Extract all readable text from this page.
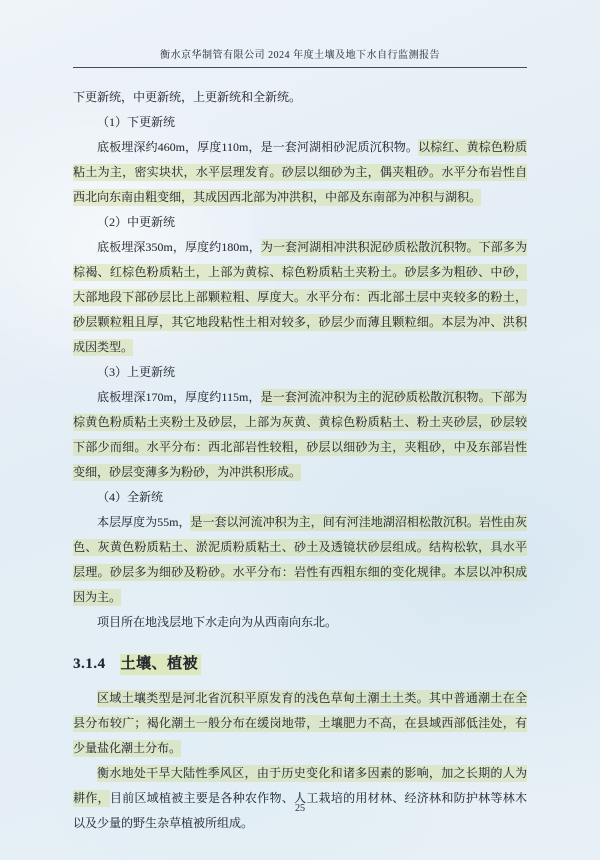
衡水京华制管有限公司 2024 年度土壤及地下水自行监测报告

下更新统，中更新统，上更新统和全新统。

（1）下更新统

底板埋深约460m，厚度110m，是一套河湖相砂泥质沉积物。以棕红、黄棕色粉质粘土为主，密实块状，水平层理发育。砂层以细砂为主，偶夹粗砂。水平分布岩性自西北向东南由粗变细，其成因西北部为冲洪积，中部及东南部为冲积与湖积。

（2）中更新统

底板埋深350m，厚度约180m，为一套河湖相冲洪积泥砂质松散沉积物。下部多为棕褐、红棕色粉质粘土，上部为黄棕、棕色粉质粘土夹粉土。砂层多为粗砂、中砂，大部地段下部砂层比上部颗粒粗、厚度大。水平分布：西北部土层中夹较多的粉土，砂层颗粒粗且厚，其它地段粘性土相对较多，砂层少而薄且颗粒细。本层为冲、洪积成因类型。

（3）上更新统

底板埋深170m，厚度约115m，是一套河流冲积为主的泥砂质松散沉积物。下部为棕黄色粉质粘土夹粉土及砂层，上部为灰黄、黄棕色粉质粘土、粉土夹砂层，砂层较下部少而细。水平分布：西北部岩性较粗，砂层以细砂为主，夹粗砂，中及东部岩性变细，砂层变薄多为粉砂，为冲洪积形成。

（4）全新统

本层厚度为55m，是一套以河流冲积为主，间有河洼地湖沼相松散沉积。岩性由灰色、灰黄色粉质粘土、淤泥质粉质粘土、砂土及透镜状砂层组成。结构松软，具水平层理。砂层多为细砂及粉砂。水平分布：岩性有西粗东细的变化规律。本层以冲积成因为主。

项目所在地浅层地下水走向为从西南向东北。

3.1.4 土壤、植被

区域土壤类型是河北省沉积平原发育的浅色草甸土潮土土类。其中普通潮土在全县分布较广；褐化潮土一般分布在缓岗地带，土壤肥力不高，在县域西部低洼处，有少量盐化潮土分布。

衡水地处干旱大陆性季风区，由于历史变化和诸多因素的影响，加之长期的人为耕作，目前区域植被主要是各种农作物、人工栽培的用材林、经济林和防护林等林木以及少量的野生杂草植被所组成。

25
